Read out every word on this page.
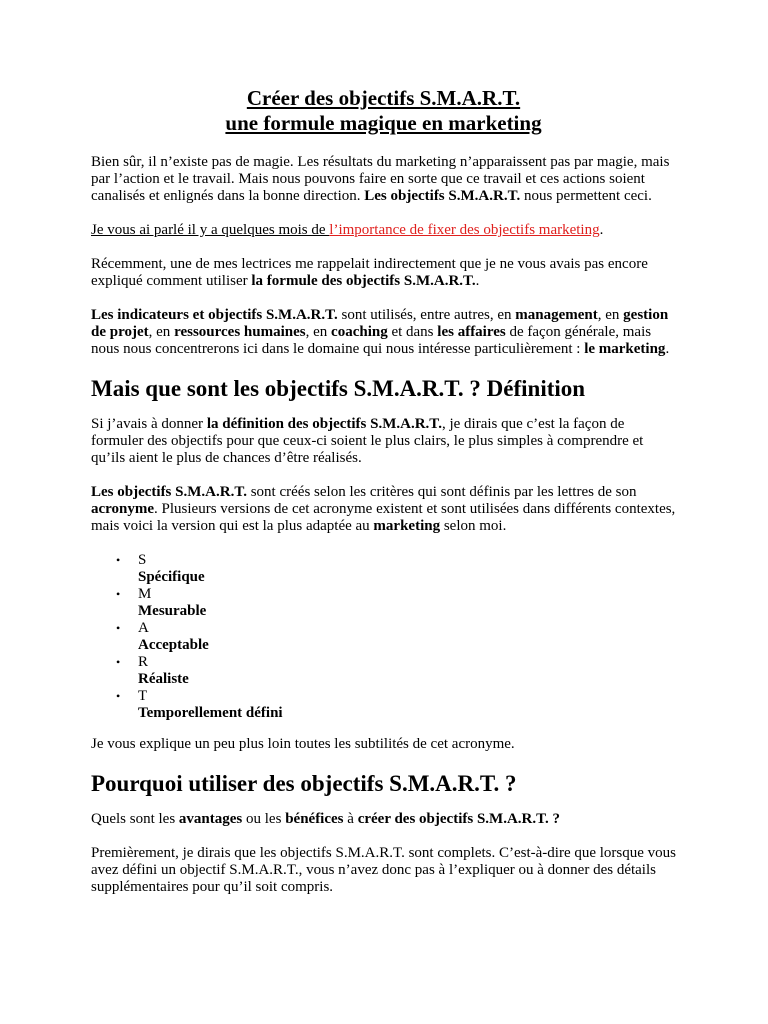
Créer des objectifs S.M.A.R.T.
une formule magique en marketing

Bien sûr, il n’existe pas de magie. Les résultats du marketing n’apparaissent pas par magie, mais par l’action et le travail. Mais nous pouvons faire en sorte que ce travail et ces actions soient canalisés et enlignés dans la bonne direction. Les objectifs S.M.A.R.T. nous permettent ceci.

Je vous ai parlé il y a quelques mois de l’importance de fixer des objectifs marketing.

Récemment, une de mes lectrices me rappelait indirectement que je ne vous avais pas encore expliqué comment utiliser la formule des objectifs S.M.A.R.T..

Les indicateurs et objectifs S.M.A.R.T. sont utilisés, entre autres, en management, en gestion de projet, en ressources humaines, en coaching et dans les affaires de façon générale, mais nous nous concentrerons ici dans le domaine qui nous intéresse particulièrement : le marketing.

Mais que sont les objectifs S.M.A.R.T. ? Définition

Si j’avais à donner la définition des objectifs S.M.A.R.T., je dirais que c’est la façon de formuler des objectifs pour que ceux-ci soient le plus clairs, le plus simples à comprendre et qu’ils aient le plus de chances d’être réalisés.

Les objectifs S.M.A.R.T. sont créés selon les critères qui sont définis par les lettres de son acronyme. Plusieurs versions de cet acronyme existent et sont utilisées dans différents contextes, mais voici la version qui est la plus adaptée au marketing selon moi.

• S
Spécifique
• M
Mesurable
• A
Acceptable
• R
Réaliste
• T
Temporellement défini

Je vous explique un peu plus loin toutes les subtilités de cet acronyme.

Pourquoi utiliser des objectifs S.M.A.R.T. ?

Quels sont les avantages ou les bénéfices à créer des objectifs S.M.A.R.T. ?

Premièrement, je dirais que les objectifs S.M.A.R.T. sont complets. C’est-à-dire que lorsque vous avez défini un objectif S.M.A.R.T., vous n’avez donc pas à l’expliquer ou à donner des détails supplémentaires pour qu’il soit compris.
